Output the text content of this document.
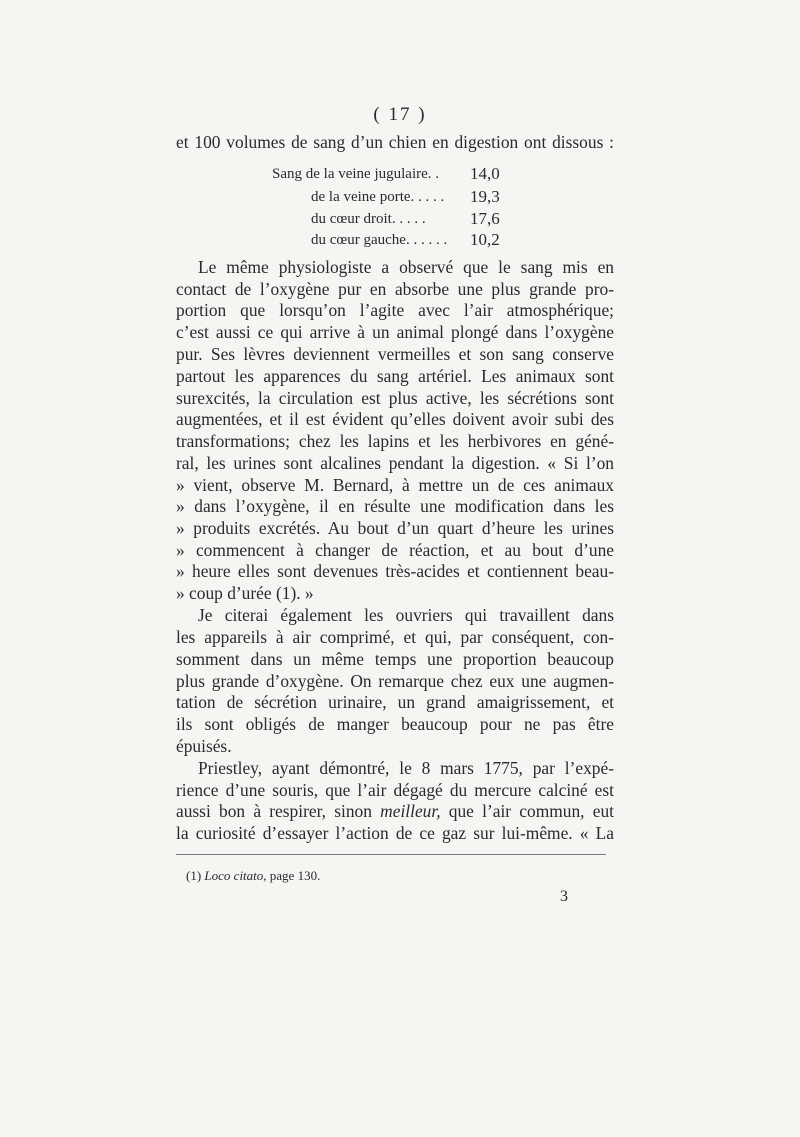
( 17 )
et 100 volumes de sang d’un chien en digestion ont dissous :
Sang de la veine jugulaire. . 14,0
de la veine porte. . . . . 19,3
du cœur droit. . . . .	17,6
du cœur gauche. . . . . . 10,2
Le même physiologiste a observé que le sang mis en
contact de l’oxygène pur en absorbe une plus grande pro-
portion que lorsqu’on l’agite avec l’air atmosphérique;
c’est aussi ce qui arrive à un animal plongé dans l’oxygène
pur. Ses lèvres deviennent vermeilles et son sang conserve
partout les apparences du sang artériel. Les animaux sont
surexcités, la circulation est plus active, les sécrétions sont
augmentées, et il est évident qu’elles doivent avoir subi des
transformations; chez les lapins et les herbivores en géné-
ral, les urines sont alcalines pendant la digestion. « Si l’on
» vient, observe M. Bernard, à mettre un de ces animaux
» dans l’oxygène, il en résulte une modification dans les
» produits excrétés. Au bout d’un quart d’heure les urines
» commencent à changer de réaction, et au bout d’une
» heure elles sont devenues très-acides et contiennent beau-
» coup d’urée (1). »
Je citerai également les ouvriers qui travaillent dans
les appareils à air comprimé, et qui, par conséquent, con-
somment dans un même temps une proportion beaucoup
plus grande d’oxygène. On remarque chez eux une augmen-
tation de sécrétion urinaire, un grand amaigrissement, et
ils sont obligés de manger beaucoup pour ne pas être
épuisés.
Priestley, ayant démontré, le 8 mars 1775, par l’expé-
rience d’une souris, que l’air dégagé du mercure calciné est
aussi bon à respirer, sinon meilleur, que l’air commun, eut
la curiosité d’essayer l’action de ce gaz sur lui-même. « La
(1) Loco citato, page 130.
3
